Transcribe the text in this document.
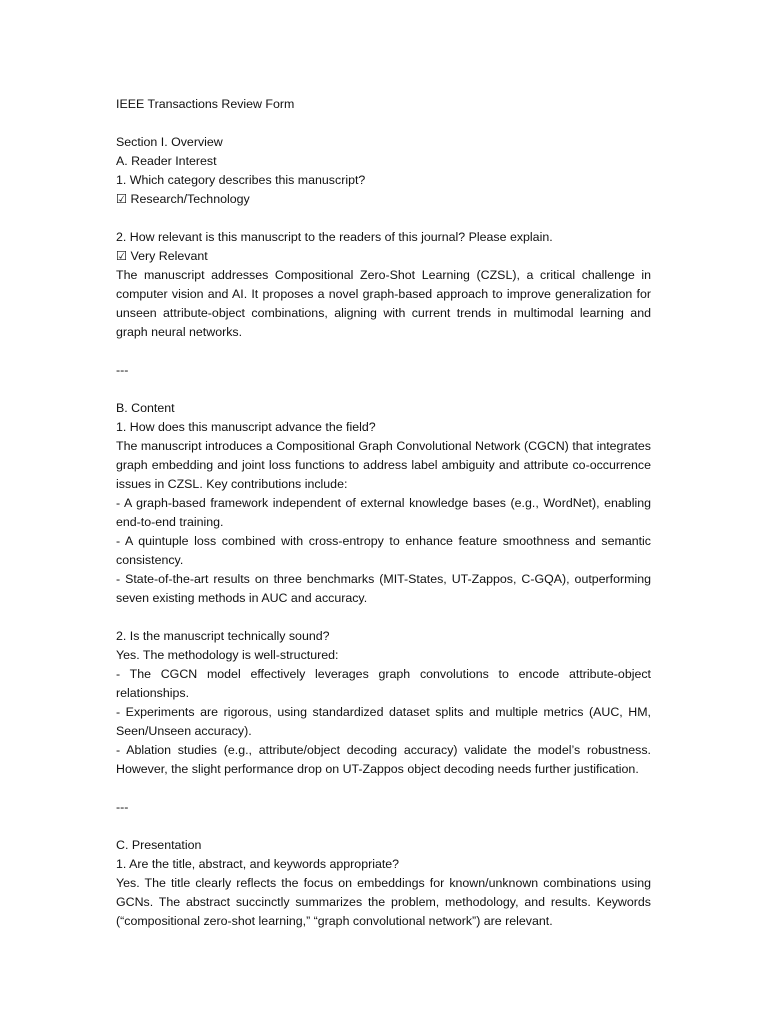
IEEE Transactions Review Form
Section I. Overview
A. Reader Interest
1. Which category describes this manuscript?
☑ Research/Technology
2. How relevant is this manuscript to the readers of this journal? Please explain.
☑ Very Relevant
The manuscript addresses Compositional Zero-Shot Learning (CZSL), a critical challenge in computer vision and AI. It proposes a novel graph-based approach to improve generalization for unseen attribute-object combinations, aligning with current trends in multimodal learning and graph neural networks.
---
B. Content
1. How does this manuscript advance the field?
The manuscript introduces a Compositional Graph Convolutional Network (CGCN) that integrates graph embedding and joint loss functions to address label ambiguity and attribute co-occurrence issues in CZSL. Key contributions include:
- A graph-based framework independent of external knowledge bases (e.g., WordNet), enabling end-to-end training.
- A quintuple loss combined with cross-entropy to enhance feature smoothness and semantic consistency.
- State-of-the-art results on three benchmarks (MIT-States, UT-Zappos, C-GQA), outperforming seven existing methods in AUC and accuracy.
2. Is the manuscript technically sound?
Yes. The methodology is well-structured:
- The CGCN model effectively leverages graph convolutions to encode attribute-object relationships.
- Experiments are rigorous, using standardized dataset splits and multiple metrics (AUC, HM, Seen/Unseen accuracy).
- Ablation studies (e.g., attribute/object decoding accuracy) validate the model’s robustness. However, the slight performance drop on UT-Zappos object decoding needs further justification.
---
C. Presentation
1. Are the title, abstract, and keywords appropriate?
Yes. The title clearly reflects the focus on embeddings for known/unknown combinations using GCNs. The abstract succinctly summarizes the problem, methodology, and results. Keywords (“compositional zero-shot learning,” “graph convolutional network”) are relevant.
